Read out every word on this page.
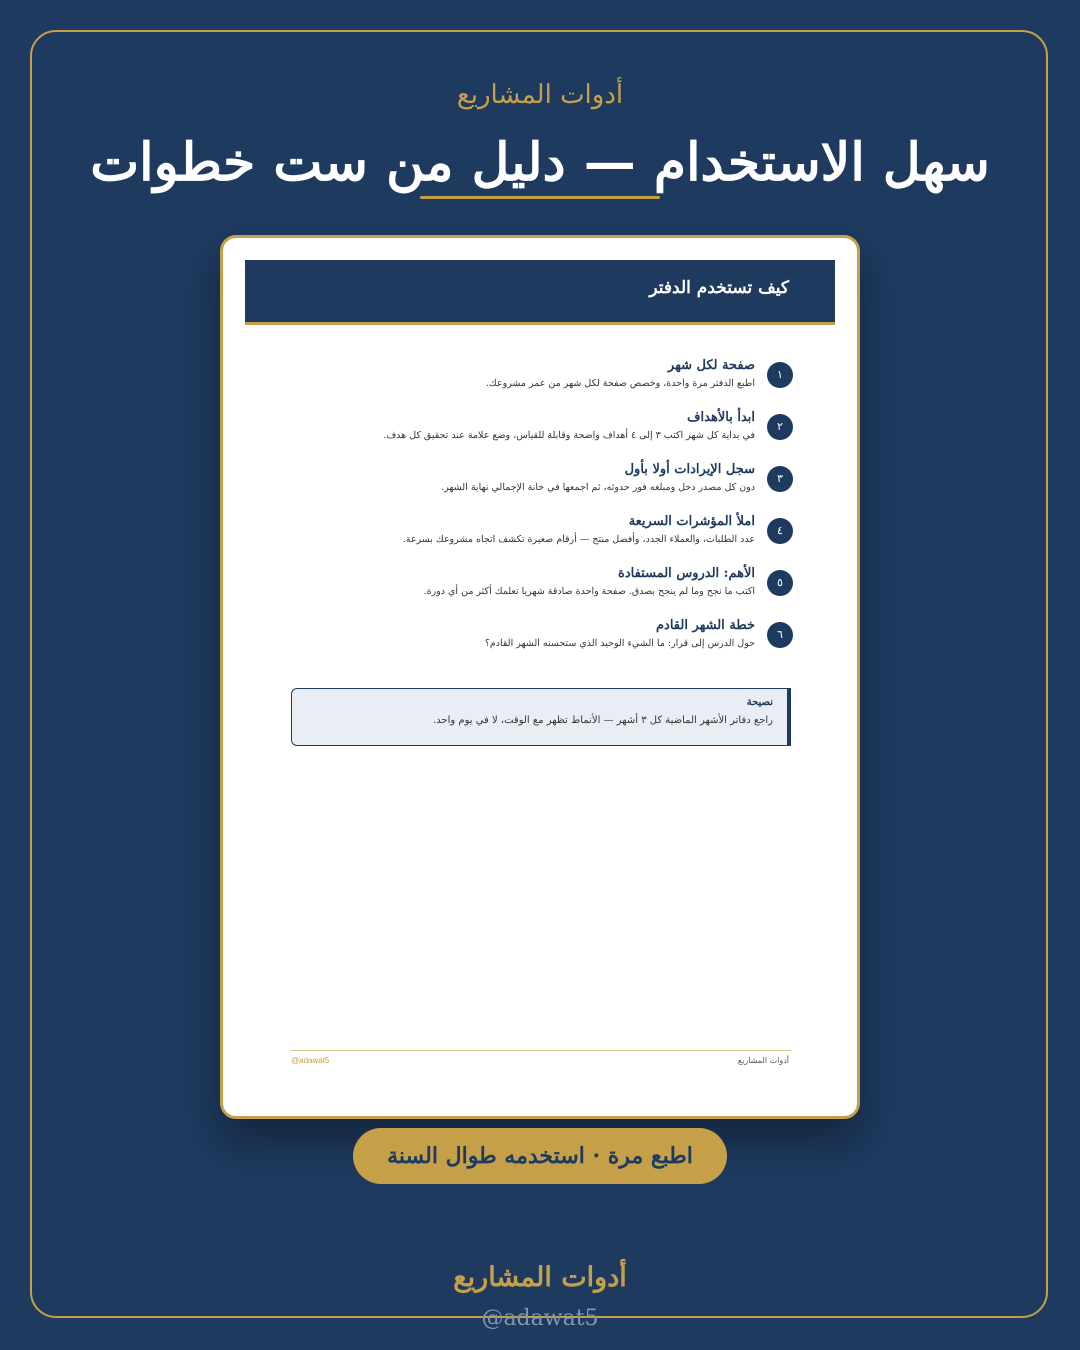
أدوات المشاريع
سهل الاستخدام — دليل من ست خطوات
كيف تستخدم الدفتر
١
صفحة لكل شهر
اطبع الدفتر مرة واحدة، وخصص صفحة لكل شهر من عمر مشروعك.
٢
ابدأ بالأهداف
في بداية كل شهر اكتب ٣ إلى ٤ أهداف واضحة وقابلة للقياس، وضع علامة عند تحقيق كل هدف.
٣
سجل الإيرادات أولا بأول
دون كل مصدر دخل ومبلغه فور حدوثه، ثم اجمعها في خانة الإجمالي نهاية الشهر.
٤
املأ المؤشرات السريعة
عدد الطلبات، والعملاء الجدد، وأفضل منتج — أرقام صغيرة تكشف اتجاه مشروعك بسرعة.
٥
الأهم: الدروس المستفادة
اكتب ما نجح وما لم ينجح بصدق. صفحة واحدة صادقة شهريا تعلمك أكثر من أي دورة.
٦
خطة الشهر القادم
حول الدرس إلى قرار: ما الشيء الوحيد الذي ستحسنه الشهر القادم؟
نصيحة
راجع دفاتر الأشهر الماضية كل ٣ أشهر — الأنماط تظهر مع الوقت، لا في يوم واحد.
أدوات المشاريع
@adawat5
اطبع مرة · استخدمه طوال السنة
أدوات المشاريع
@adawat5
